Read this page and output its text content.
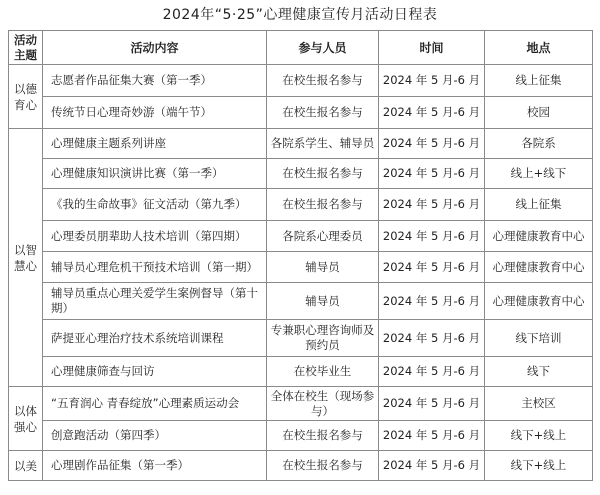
2024年“5·25”心理健康宣传月活动日程表
活动主题	活动内容	参与人员	时间	地点
以德育心	志愿者作品征集大赛（第一季）	在校生报名参与	2024 年 5 月-6 月	线上征集
	传统节日心理奇妙游（端午节）	在校生报名参与	2024 年 5 月-6 月	校园
以智慧心	心理健康主题系列讲座	各院系学生、辅导员	2024 年 5 月-6 月	各院系
	心理健康知识演讲比赛（第一季）	在校生报名参与	2024 年 5 月-6 月	线上+线下
	《我的生命故事》征文活动（第九季）	在校生报名参与	2024 年 5 月-6 月	线上征集
	心理委员朋辈助人技术培训（第四期）	各院系心理委员	2024 年 5 月-6 月	心理健康教育中心
	辅导员心理危机干预技术培训（第一期）	辅导员	2024 年 5 月-6 月	心理健康教育中心
	辅导员重点心理关爱学生案例督导（第十期）	辅导员	2024 年 5 月-6 月	心理健康教育中心
	萨提亚心理治疗技术系统培训课程	专兼职心理咨询师及预约员	2024 年 5 月-6 月	线下培训
	心理健康筛查与回访	在校毕业生	2024 年 5 月-6 月	线下
以体强心	“五育润心 青春绽放”心理素质运动会	全体在校生（现场参与）	2024 年 5 月-6 月	主校区
	创意跑活动（第四季）	在校生报名参与	2024 年 5 月-6 月	线下+线上
以美	心理剧作品征集（第一季）	在校生报名参与	2024 年 5 月-6 月	线下+线上
